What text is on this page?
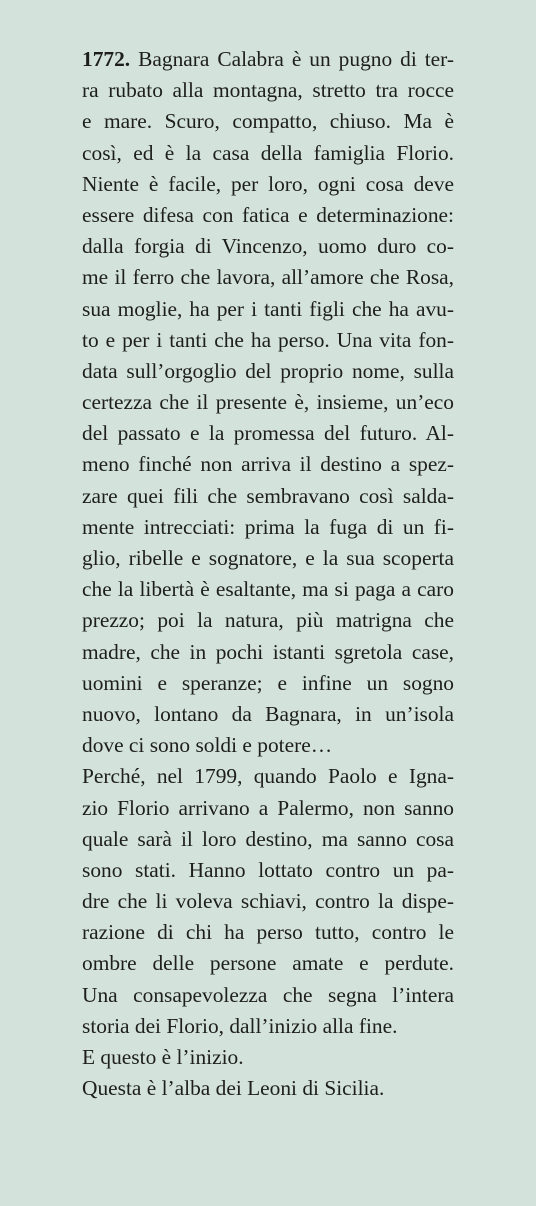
1772. Bagnara Calabra è un pugno di ter-
ra rubato alla montagna, stretto tra rocce
e mare. Scuro, compatto, chiuso. Ma è
così, ed è la casa della famiglia Florio.
Niente è facile, per loro, ogni cosa deve
essere difesa con fatica e determinazione:
dalla forgia di Vincenzo, uomo duro co-
me il ferro che lavora, all’amore che Rosa,
sua moglie, ha per i tanti figli che ha avu-
to e per i tanti che ha perso. Una vita fon-
data sull’orgoglio del proprio nome, sulla
certezza che il presente è, insieme, un’eco
del passato e la promessa del futuro. Al-
meno finché non arriva il destino a spez-
zare quei fili che sembravano così salda-
mente intrecciati: prima la fuga di un fi-
glio, ribelle e sognatore, e la sua scoperta
che la libertà è esaltante, ma si paga a caro
prezzo; poi la natura, più matrigna che
madre, che in pochi istanti sgretola case,
uomini e speranze; e infine un sogno
nuovo, lontano da Bagnara, in un’isola
dove ci sono soldi e potere…
Perché, nel 1799, quando Paolo e Igna-
zio Florio arrivano a Palermo, non sanno
quale sarà il loro destino, ma sanno cosa
sono stati. Hanno lottato contro un pa-
dre che li voleva schiavi, contro la dispe-
razione di chi ha perso tutto, contro le
ombre delle persone amate e perdute.
Una consapevolezza che segna l’intera
storia dei Florio, dall’inizio alla fine.
E questo è l’inizio.
Questa è l’alba dei Leoni di Sicilia.
